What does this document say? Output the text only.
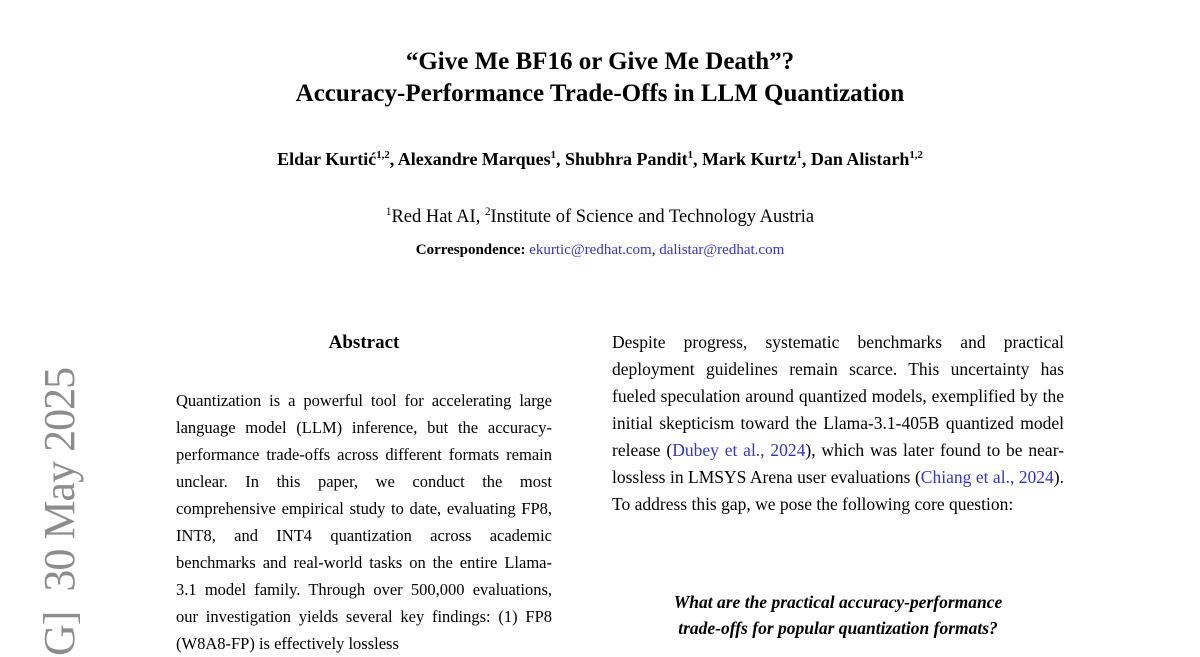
G]  30 May 2025
“Give Me BF16 or Give Me Death”?
Accuracy-Performance Trade-Offs in LLM Quantization
Eldar Kurtić$^{1,2}$, Alexandre Marques$^1$, Shubhra Pandit$^1$, Mark Kurtz$^1$, Dan Alistarh$^{1,2}$
$^1$Red Hat AI, $^2$Institute of Science and Technology Austria
Correspondence: ekurtic@redhat.com, dalistar@redhat.com
Abstract

Quantization is a powerful tool for accelerating large language model (LLM) inference, but the accuracy-performance trade-offs across different formats remain unclear. In this paper, we conduct the most comprehensive empirical study to date, evaluating FP8, INT8, and INT4 quantization across academic benchmarks and real-world tasks on the entire Llama-3.1 model family. Through over 500,000 evaluations, our investigation yields several key findings: (1) FP8 (W8A8-FP) is effectively lossless

Despite progress, systematic benchmarks and practical deployment guidelines remain scarce. This uncertainty has fueled speculation around quantized models, exemplified by the initial skepticism toward the Llama-3.1-405B quantized model release (Dubey et al., 2024), which was later found to be near-lossless in LMSYS Arena user evaluations (Chiang et al., 2024). To address this gap, we pose the following core question:

What are the practical accuracy-performance
trade-offs for popular quantization formats?
